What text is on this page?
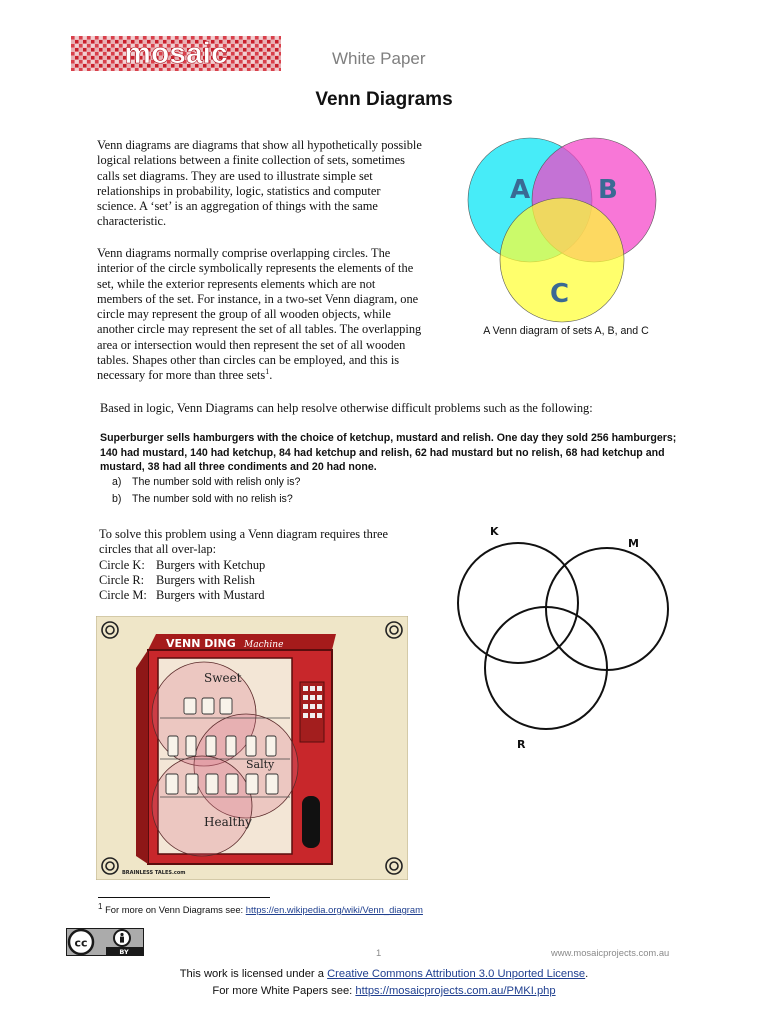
mosaic	White Paper
Venn Diagrams
Venn diagrams are diagrams that show all hypothetically possible logical relations between a finite collection of sets, sometimes calls set diagrams. They are used to illustrate simple set relationships in probability, logic, statistics and computer science. A ‘set’ is an aggregation of things with the same characteristic.
Venn diagrams normally comprise overlapping circles. The interior of the circle symbolically represents the elements of the set, while the exterior represents elements which are not members of the set. For instance, in a two-set Venn diagram, one circle may represent the group of all wooden objects, while another circle may represent the set of all tables. The overlapping area or intersection would then represent the set of all wooden tables. Shapes other than circles can be employed, and this is necessary for more than three sets$^1$.
A	B
C
A Venn diagram of sets A, B, and C
Based in logic, Venn Diagrams can help resolve otherwise difficult problems such as the following:
Superburger sells hamburgers with the choice of ketchup, mustard and relish. One day they sold 256 hamburgers; 140 had mustard, 140 had ketchup, 84 had ketchup and relish, 62 had mustard but no relish, 68 had ketchup and mustard, 38 had all three condiments and 20 had none.
a) The number sold with relish only is?
b) The number sold with no relish is?
To solve this problem using a Venn diagram requires three circles that all over-lap:
Circle K: Burgers with Ketchup
Circle R: Burgers with Relish
Circle M: Burgers with Mustard
K
M
R
VENN DING Machine
Sweet
Salty
Healthy
BRAINLESS TALES.com
$^1$ For more on Venn Diagrams see: https://en.wikipedia.org/wiki/Venn_diagram
cc
BY	1	www.mosaicprojects.com.au
This work is licensed under a Creative Commons Attribution 3.0 Unported License.
For more White Papers see: https://mosaicprojects.com.au/PMKI.php
